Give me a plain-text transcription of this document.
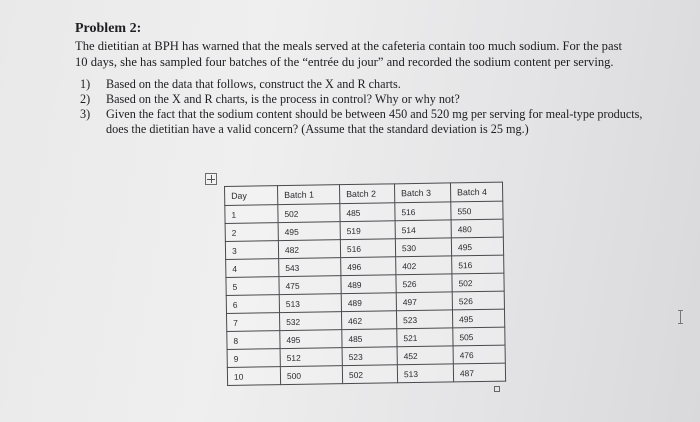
Problem 2:

The dietitian at BPH has warned that the meals served at the cafeteria contain too much sodium. For the past 10 days, she has sampled four batches of the “entrée du jour” and recorded the sodium content per serving.

1)	Based on the data that follows, construct the X and R charts.
2)	Based on the X and R charts, is the process in control? Why or why not?
3)	Given the fact that the sodium content should be between 450 and 520 mg per serving for meal-type products, does the dietitian have a valid concern? (Assume that the standard deviation is 25 mg.)
Day	Batch 1	Batch 2	Batch 3	Batch 4
1	502	485	516	550
2	495	519	514	480
3	482	516	530	495
4	543	496	402	516
5	475	489	526	502
6	513	489	497	526
7	532	462	523	495
8	495	485	521	505
9	512	523	452	476
10	500	502	513	487
